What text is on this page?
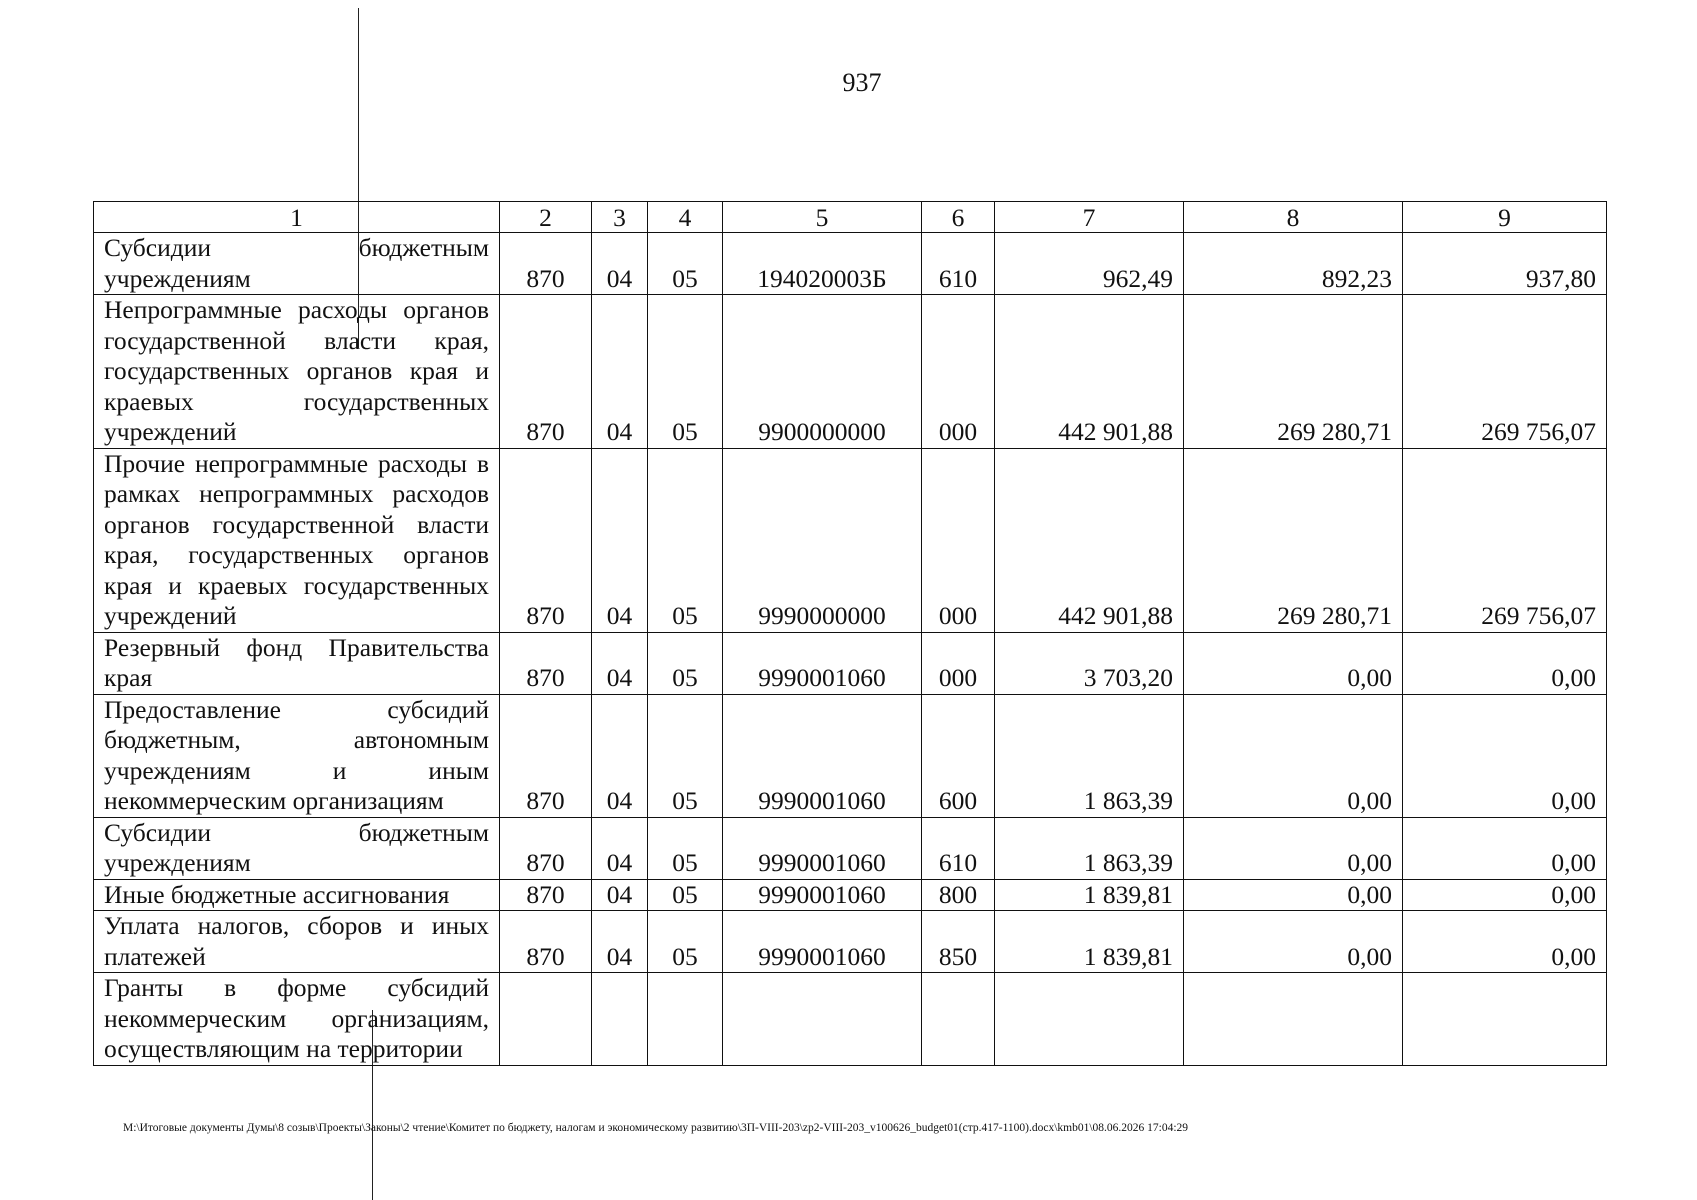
937
1	2	3	4	5	6	7	8	9
Субсидии бюджетным учреждениям	870	04	05	194020003Б	610	962,49	892,23	937,80
Непрограммные расходы органов государственной власти края, государственных органов края и краевых государственных учреждений	870	04	05	9900000000	000	442 901,88	269 280,71	269 756,07
Прочие непрограммные расходы в рамках непрограммных расходов органов государственной власти края, государственных органов края и краевых государственных учреждений	870	04	05	9990000000	000	442 901,88	269 280,71	269 756,07
Резервный фонд Правительства края	870	04	05	9990001060	000	3 703,20	0,00	0,00
Предоставление субсидий бюджетным, автономным учреждениям и иным некоммерческим организациям	870	04	05	9990001060	600	1 863,39	0,00	0,00
Субсидии бюджетным учреждениям	870	04	05	9990001060	610	1 863,39	0,00	0,00
Иные бюджетные ассигнования	870	04	05	9990001060	800	1 839,81	0,00	0,00
Уплата налогов, сборов и иных платежей	870	04	05	9990001060	850	1 839,81	0,00	0,00
Гранты в форме субсидий некоммерческим организациям, осуществляющим на территории								
M:\Итоговые документы Думы\8 созыв\Проекты\Законы\2 чтение\Комитет по бюджету, налогам и экономическому развитию\3П-VIII-203\zp2-VIII-203_v100626_budget01(стр.417-1100).docx\kmb01\08.06.2026 17:04:29
